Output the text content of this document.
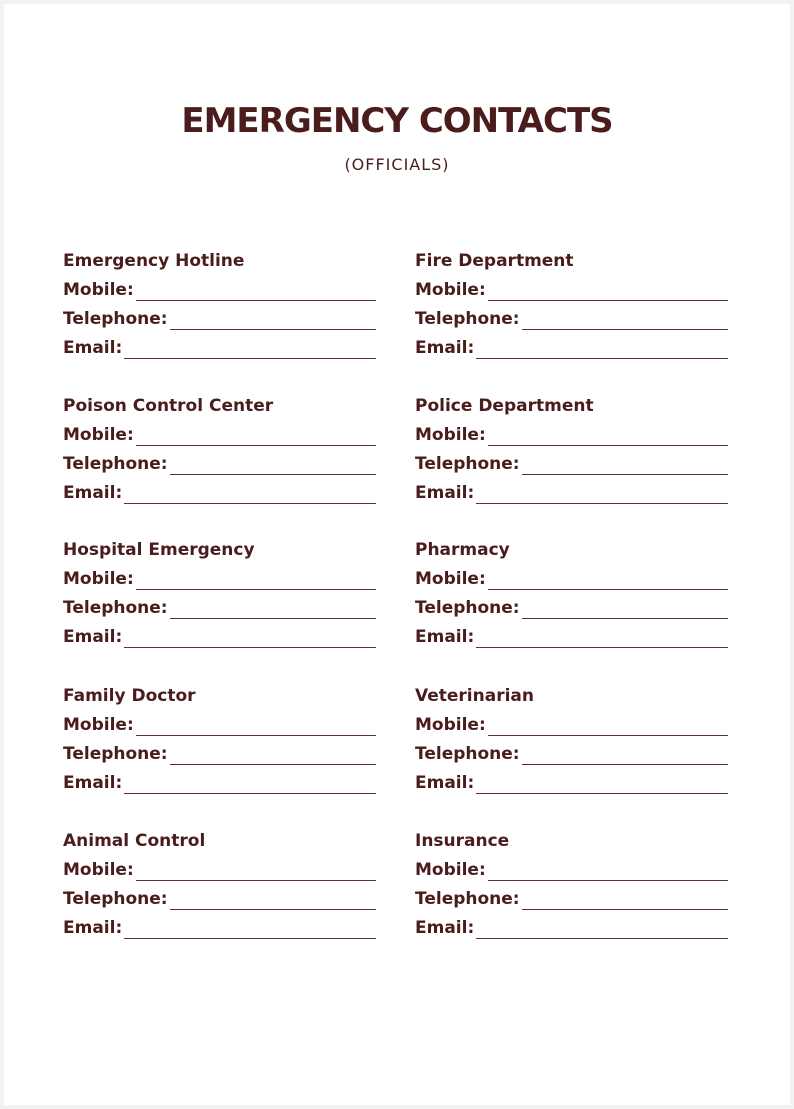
EMERGENCY CONTACTS
(OFFICIALS)
Emergency Hotline
Mobile:
Telephone:
Email:
Fire Department
Mobile:
Telephone:
Email:
Poison Control Center
Mobile:
Telephone:
Email:
Police Department
Mobile:
Telephone:
Email:
Hospital Emergency
Mobile:
Telephone:
Email:
Pharmacy
Mobile:
Telephone:
Email:
Family Doctor
Mobile:
Telephone:
Email:
Veterinarian
Mobile:
Telephone:
Email:
Animal Control
Mobile:
Telephone:
Email:
Insurance
Mobile:
Telephone:
Email:
